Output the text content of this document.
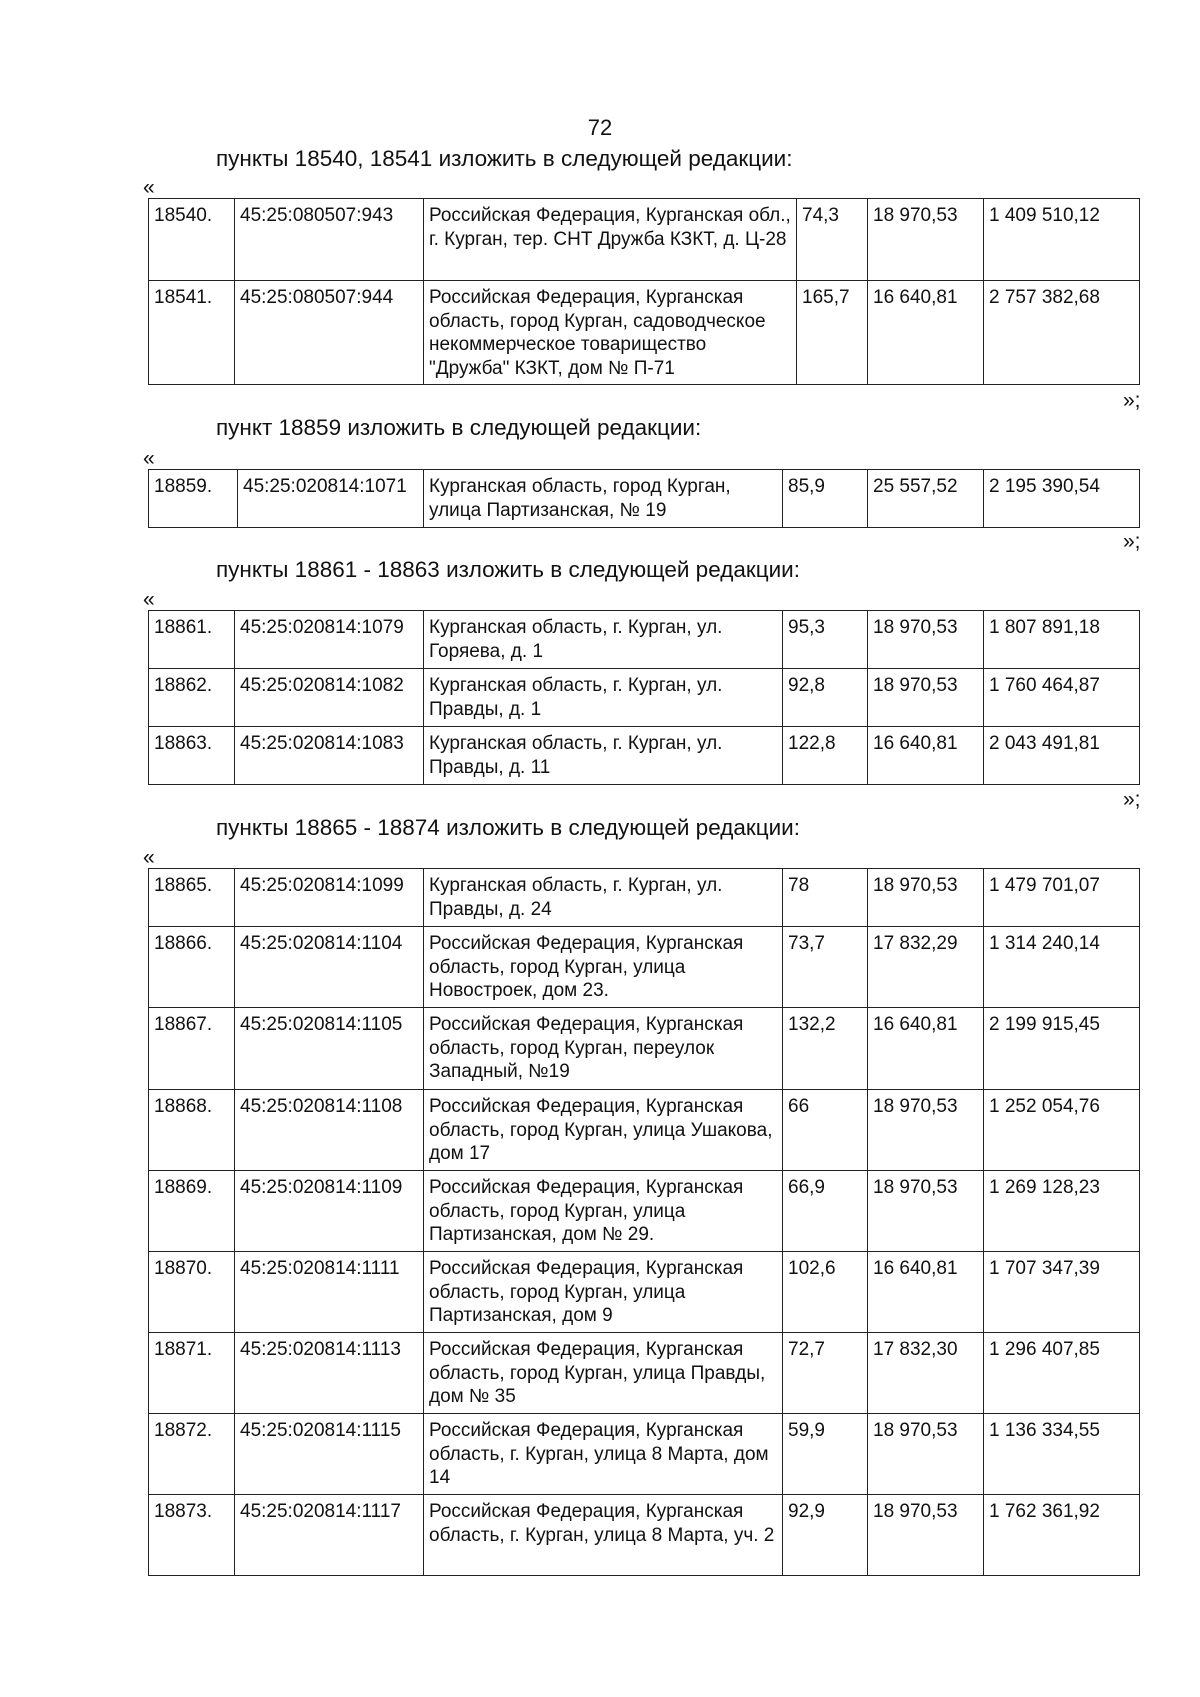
72
пункты 18540, 18541 изложить в следующей редакции:
«
18540.	45:25:080507:943	Российская Федерация, Курганская обл., г. Курган, тер. СНТ Дружба КЗКТ, д. Ц-28	74,3	18 970,53	1 409 510,12
18541.	45:25:080507:944	Российская Федерация, Курганская область, город Курган, садоводческое некоммерческое товарищество "Дружба" КЗКТ, дом № П-71	165,7	16 640,81	2 757 382,68
»;
пункт 18859 изложить в следующей редакции:
«
18859.	45:25:020814:1071	Курганская область, город Курган, улица Партизанская, № 19	85,9	25 557,52	2 195 390,54
»;
пункты 18861 - 18863 изложить в следующей редакции:
«
18861.	45:25:020814:1079	Курганская область, г. Курган, ул. Горяева, д. 1	95,3	18 970,53	1 807 891,18
18862.	45:25:020814:1082	Курганская область, г. Курган, ул. Правды, д. 1	92,8	18 970,53	1 760 464,87
18863.	45:25:020814:1083	Курганская область, г. Курган, ул. Правды, д. 11	122,8	16 640,81	2 043 491,81
»;
пункты 18865 - 18874 изложить в следующей редакции:
«
18865.	45:25:020814:1099	Курганская область, г. Курган, ул. Правды, д. 24	78	18 970,53	1 479 701,07
18866.	45:25:020814:1104	Российская Федерация, Курганская область, город Курган, улица Новостроек, дом 23.	73,7	17 832,29	1 314 240,14
18867.	45:25:020814:1105	Российская Федерация, Курганская область, город Курган, переулок Западный, №19	132,2	16 640,81	2 199 915,45
18868.	45:25:020814:1108	Российская Федерация, Курганская область, город Курган, улица Ушакова, дом 17	66	18 970,53	1 252 054,76
18869.	45:25:020814:1109	Российская Федерация, Курганская область, город Курган, улица Партизанская, дом № 29.	66,9	18 970,53	1 269 128,23
18870.	45:25:020814:1111	Российская Федерация, Курганская область, город Курган, улица Партизанская, дом 9	102,6	16 640,81	1 707 347,39
18871.	45:25:020814:1113	Российская Федерация, Курганская область, город Курган, улица Правды, дом № 35	72,7	17 832,30	1 296 407,85
18872.	45:25:020814:1115	Российская Федерация, Курганская область, г. Курган, улица 8 Марта, дом 14	59,9	18 970,53	1 136 334,55
18873.	45:25:020814:1117	Российская Федерация, Курганская область, г. Курган, улица 8 Марта, уч. 2	92,9	18 970,53	1 762 361,92
